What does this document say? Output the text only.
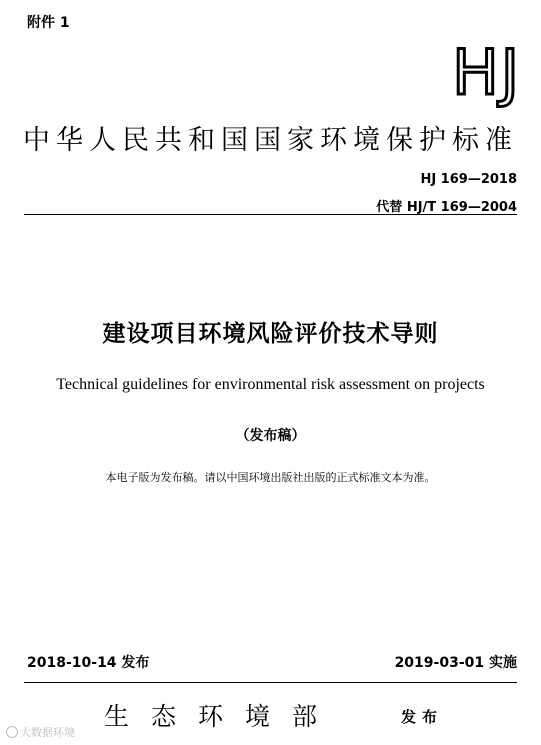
附件 1
HJ
中华人民共和国国家环境保护标准
HJ 169—2018
代替 HJ/T 169—2004
建设项目环境风险评价技术导则
Technical guidelines for environmental risk assessment on projects
（发布稿）
本电子版为发布稿。请以中国环境出版社出版的正式标准文本为准。
2018-10-14 发布	2019-03-01 实施
生态环境部	发布
大数据环境
